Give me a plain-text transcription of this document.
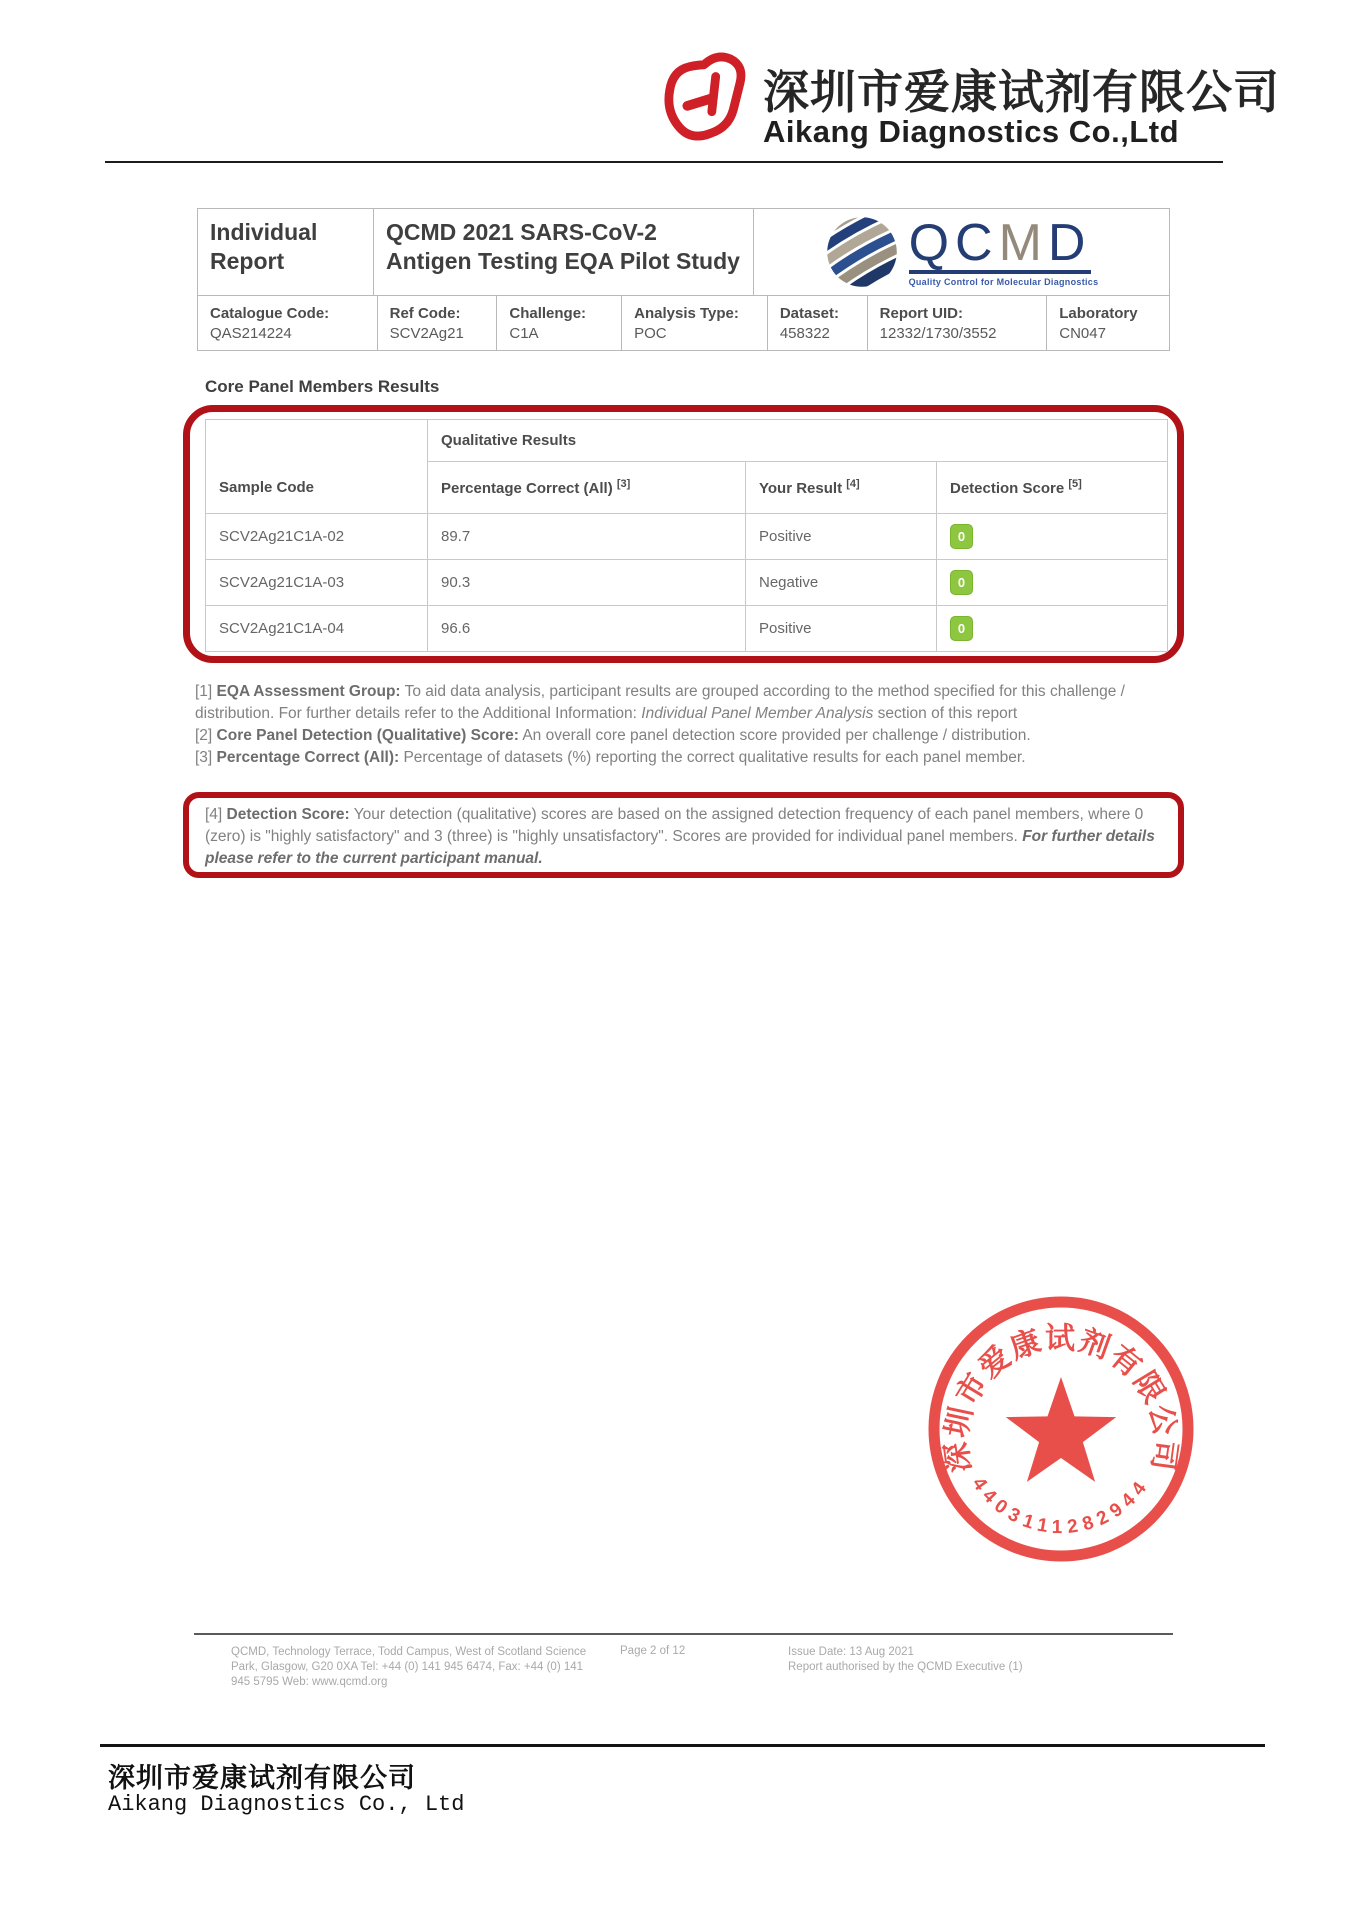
深圳市爱康试剂有限公司
Aikang Diagnostics Co.,Ltd
Individual Report
QCMD 2021 SARS-CoV-2 Antigen Testing EQA Pilot Study	QCMD
Quality Control for Molecular Diagnostics
Catalogue Code:
QAS214224
Ref Code:
SCV2Ag21
Challenge:
C1A
Analysis Type:
POC
Dataset:
458322
Report UID:
12332/1730/3552
Laboratory
CN047
Core Panel Members Results
Sample Code	Qualitative Results		
	Percentage Correct (All) [3]	Your Result [4]	Detection Score [5]
SCV2Ag21C1A-02	89.7	Positive	0
SCV2Ag21C1A-03	90.3	Negative	0
SCV2Ag21C1A-04	96.6	Positive	0

[1] EQA Assessment Group: To aid data analysis, participant results are grouped according to the method specified for this challenge / distribution. For further details refer to the Additional Information: Individual Panel Member Analysis section of this report

[2] Core Panel Detection (Qualitative) Score: An overall core panel detection score provided per challenge / distribution.

[3] Percentage Correct (All): Percentage of datasets (%) reporting the correct qualitative results for each panel member.

[4] Detection Score: Your detection (qualitative) scores are based on the assigned detection frequency of each panel members, where 0 (zero) is "highly satisfactory" and 3 (three) is "highly unsatisfactory". Scores are provided for individual panel members. For further details please refer to the current participant manual.
深圳市爱康试剂有限公司
4403111282944
QCMD, Technology Terrace, Todd Campus, West of Scotland Science
Park, Glasgow, G20 0XA Tel: +44 (0) 141 945 6474, Fax: +44 (0) 141
945 5795 Web: www.qcmd.org
Page 2 of 12	Issue Date: 13 Aug 2021
Report authorised by the QCMD Executive (1)
深圳市爱康试剂有限公司
Aikang Diagnostics Co., Ltd
